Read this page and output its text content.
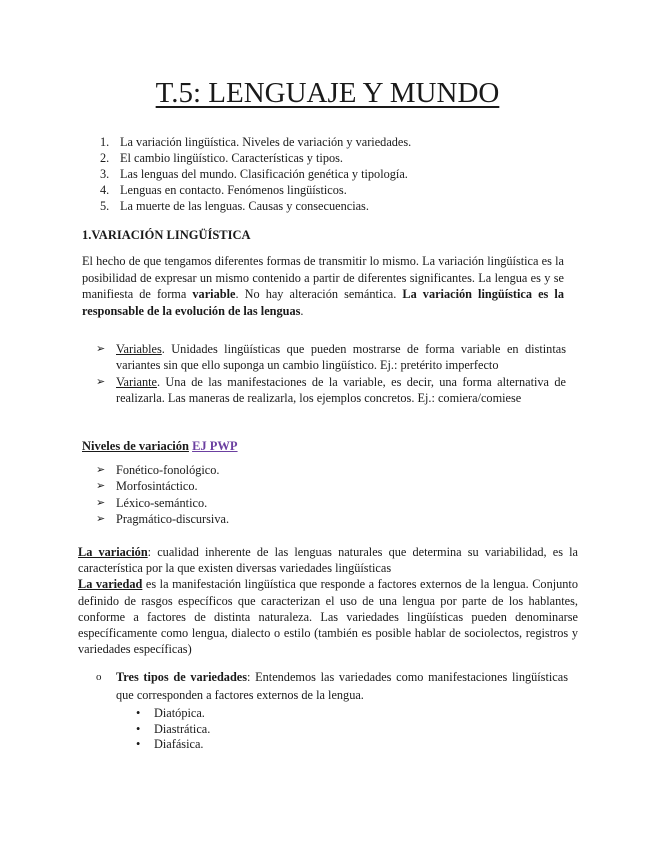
T.5: LENGUAJE Y MUNDO
1. La variación lingüística. Niveles de variación y variedades.
2. El cambio lingüístico. Características y tipos.
3. Las lenguas del mundo. Clasificación genética y tipología.
4. Lenguas en contacto. Fenómenos lingüísticos.
5. La muerte de las lenguas. Causas y consecuencias.
1.VARIACIÓN LINGÜÍSTICA
El hecho de que tengamos diferentes formas de transmitir lo mismo. La variación lingüística es la posibilidad de expresar un mismo contenido a partir de diferentes significantes. La lengua es y se manifiesta de forma variable. No hay alteración semántica. La variación lingüística es la responsable de la evolución de las lenguas.
➢ Variables. Unidades lingüísticas que pueden mostrarse de forma variable en distintas variantes sin que ello suponga un cambio lingüístico. Ej.: pretérito imperfecto
➢ Variante. Una de las manifestaciones de la variable, es decir, una forma alternativa de realizarla. Las maneras de realizarla, los ejemplos concretos. Ej.: comiera/comiese
Niveles de variación EJ PWP
➢ Fonético-fonológico.
➢ Morfosintáctico.
➢ Léxico-semántico.
➢ Pragmático-discursiva.
La variación: cualidad inherente de las lenguas naturales que determina su variabilidad, es la característica por la que existen diversas variedades lingüísticas
La variedad es la manifestación lingüística que responde a factores externos de la lengua. Conjunto definido de rasgos específicos que caracterizan el uso de una lengua por parte de los hablantes, conforme a factores de distinta naturaleza. Las variedades lingüísticas pueden denominarse específicamente como lengua, dialecto o estilo (también es posible hablar de sociolectos, registros y variedades específicas)
o	Tres tipos de variedades: Entendemos las variedades como manifestaciones lingüísticas que corresponden a factores externos de la lengua.
•	Diatópica.
•	Diastrática.
•	Diafásica.
